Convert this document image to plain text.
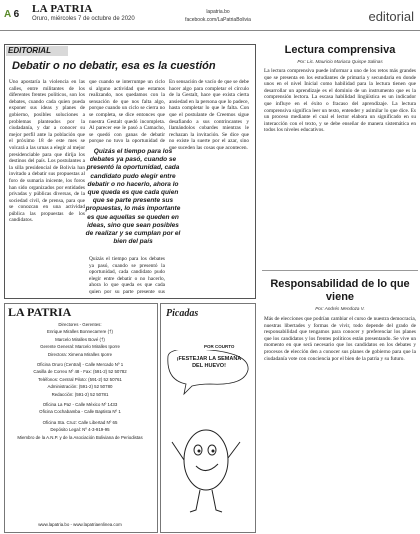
A 6 LA PATRIA
Oruro, miércoles 7 de octubre de 2020
lapatria.bo
facebook.com/LaPatriaBolivia	editorial
EDITORIAL
Debatir o no debatir, esa es la cuestión
Uno apostaría la violencia en las calles, entre militantes de los diferentes frentes políticos, son los debates, cuando cada quien pueda exponer sus ideas y planes de gobierno, posibles soluciones a problemas planteados por la ciudadanía, y dar a conocer su mejor perfil ante la población que el próximo 18 de este mes se volcará a las urnas a elegir al mejor presidenciable para que dirija los destinos del país. Los postulantes a la silla presidencial de Bolivia han invitado a debatir sus propuestas al foro de sumaria inicente, los foros han sido organizados por entidades privadas y públicas diversas, de la sociedad civil, de prensa, para que se conozcan en una actividad pública las propuestas de los candidatos.
que cuando se interrumpe un ciclo si alguno actividad que estamos realizando, nos quedamos con la sensación de que nos falta algo, porque cuando un ciclo se cierra no se completa, se dice entonces que nuestra Gestalt quedó incompleta. Al parecer ese le pasó a Camacho, se quedó con ganas de debatir porque no tuvo la oportunidad de
En sensación de vacío de que se debe hacer algo para completar el círculo de la Gestalt, hace que exista cierta ansiedad en la persona que lo padece, hasta completar lo que le falta. Con que el postulante de Creemos sigue desafiando a sus contrincantes y llamándolos cobardes mientras le rechazan la invitación. Se dice que no existe la suerte por el azar, sino que suceden las cosas que acontecen.
Quizás el tiempo para los debates ya pasó, cuando se presentó la oportunidad, cada candidato pudo elegir entre debatir o no hacerlo, ahora lo que queda es que cada quien que se parte presente sus propuestas, lo más importante es que aquellas se queden en ideas, sino que sean posibles de realizar y se cumplan por el bien del país
Quizás el tiempo para los debates ya pasó, cuando se presentó la oportunidad, cada candidato pudo elegir entre debatir o no hacerlo, ahora lo que queda es que cada quien por su parte presente sus
LA PATRIA
Directores - Gerentes:
Enrique Miralles Bonnecarrere (†)
Marcelo Miralles Bové (†)
Gerente General: Marcelo Miralles Iporre
Directora: Ximena Miralles Iporre
Oficina Oruro (Central) - Calle Mercado Nº 1
Casilla de Correo Nº 48 - Fax: (591-2) 52 50782
Teléfonos: Central Piloto: (591-2) 52 50761
Administración: (591-2) 52 50780
Redacción: (591-2) 52 50781
Oficina La Paz - Calle México Nº 1433
Oficina Cochabamba - Calle Baptista Nº 1
Oficina Sta. Cruz: Calle Libertad Nº 65
Depósito Legal: Nº 4-3-919-95
Miembro de la A.N.P. y de la Asociación Boliviana de Periodistas
www.lapatria.bo - www.lapatriaenlinea.com
Picadas
POR COURTO
¡FESTEJAR LA SEMANA DEL HUEVO!
Lectura comprensiva
Por: Lic. Mauricio Mariaca Quispe Salinas
La lectura comprensiva puede informar a uno de los retos más grandes que se presenta en los estudiantes de primaria y secundaria en donde unos en el nivel Inicial como habilidad para la lectura tienen que desarrollar un aprendizaje es el dominio de un instrumento que es la comprensión lectora. La escasa habilidad lingüística es un indicador que influye en el éxito o fracaso del aprendizaje. La lectura comprensiva significa leer un texto, entender y asimilar lo que dice. Es un proceso mediante el cual el lector elabora un significado en su interacción con el texto, y se debe enseñar de manera sistemática en todos los niveles educativos.
Responsabilidad de lo que viene
Por: Andrés Mendoza V.
Más de elecciones que podrían cambiar el curso de nuestra democracia, nuestras libertades y formas de vivir, todo depende del grado de responsabilidad que tengamos para conocer y preferenciar los planes que los candidatos y los frentes políticos están presentando. Se vive un momento en que será necesario que los candidatos en los debates y procesos de elección den a conocer sus planes de gobierno para que la ciudadanía vote con conciencia por el bien de la patria y su futuro.
